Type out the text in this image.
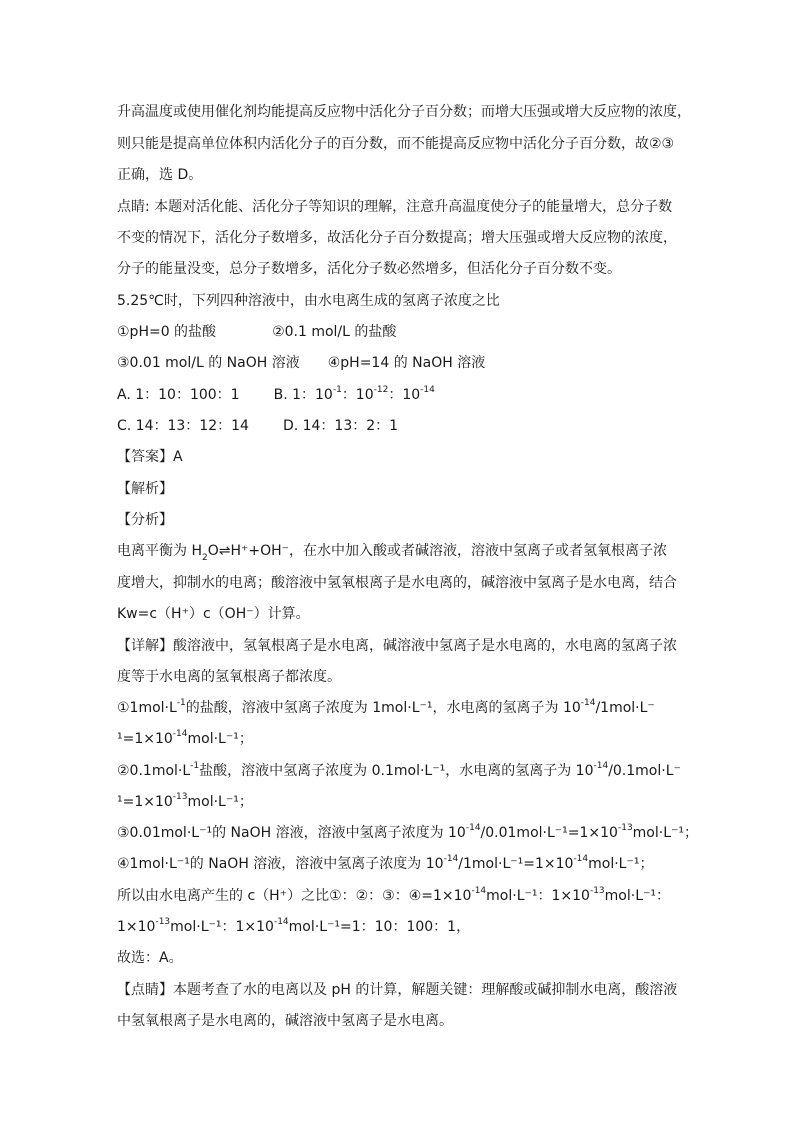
升高温度或使用催化剂均能提高反应物中活化分子百分数；而增大压强或增大反应物的浓度，
则只能是提高单位体积内活化分子的百分数，而不能提高反应物中活化分子百分数，故②③
正确，选 D。
点睛: 本题对活化能、活化分子等知识的理解，注意升高温度使分子的能量增大，总分子数
不变的情况下，活化分子数增多，故活化分子百分数提高；增大压强或增大反应物的浓度，
分子的能量没变，总分子数增多，活化分子数必然增多，但活化分子百分数不变。
5.25℃时，下列四种溶液中，由水电离生成的氢离子浓度之比
①pH=0 的盐酸	②0.1 mol/L 的盐酸
③0.01 mol/L 的 NaOH 溶液 ④pH=14 的 NaOH 溶液
A. 1：10：100：1 B. 1：$10^{-1}$：$10^{-12}$：$10^{-14}$
C. 14：13：12：14 D. 14：13：2：1
【答案】A
【解析】
【分析】
电离平衡为 $H_2O\rightleftharpoons H^++OH^-$，在水中加入酸或者碱溶液，溶液中氢离子或者氢氧根离子浓
度增大，抑制水的电离；酸溶液中氢氧根离子是水电离的，碱溶液中氢离子是水电离，结合
Kw=c（H⁺）c（OH⁻）计算。
【详解】酸溶液中，氢氧根离子是水电离，碱溶液中氢离子是水电离的，水电离的氢离子浓
度等于水电离的氢氧根离子都浓度。
$①1mol\cdot L^{-1}$的盐酸，溶液中氢离子浓度为 1mol·L⁻¹，水电离的氢离子为 $10^{-14}/1mol\cdot L^-$
$^1=1\times 10^{-14}mol\cdot L^{-1}$；
$②0.1mol\cdot L^{-1}$盐酸，溶液中氢离子浓度为 0.1mol·L⁻¹，水电离的氢离子为 $10^{-14}/0.1mol\cdot L^-$
$^1=1\times 10^{-13}mol\cdot L^{-1}$；
③0.01mol·L⁻¹的 NaOH 溶液，溶液中氢离子浓度为 $10^{-14}/0.01mol\cdot L^{-1}=1\times 10^{-13}mol\cdot L^{-1}$；
④1mol·L⁻¹的 NaOH 溶液，溶液中氢离子浓度为 $10^{-14}/1mol\cdot L^{-1}=1\times 10^{-14}mol\cdot L^{-1}$；
所以由水电离产生的 c（H⁺）之比①：②：③：$④=1\times 10^{-14}mol\cdot L^{-1}$：$1\times 10^{-13}mol\cdot L^{-1}$：
$1\times 10^{-13}mol\cdot L^{-1}$：$1\times 10^{-14}mol\cdot L^{-1}=1$：10：100：1，
故选：A。
【点睛】本题考查了水的电离以及 pH 的计算，解题关键：理解酸或碱抑制水电离，酸溶液
中氢氧根离子是水电离的，碱溶液中氢离子是水电离。
